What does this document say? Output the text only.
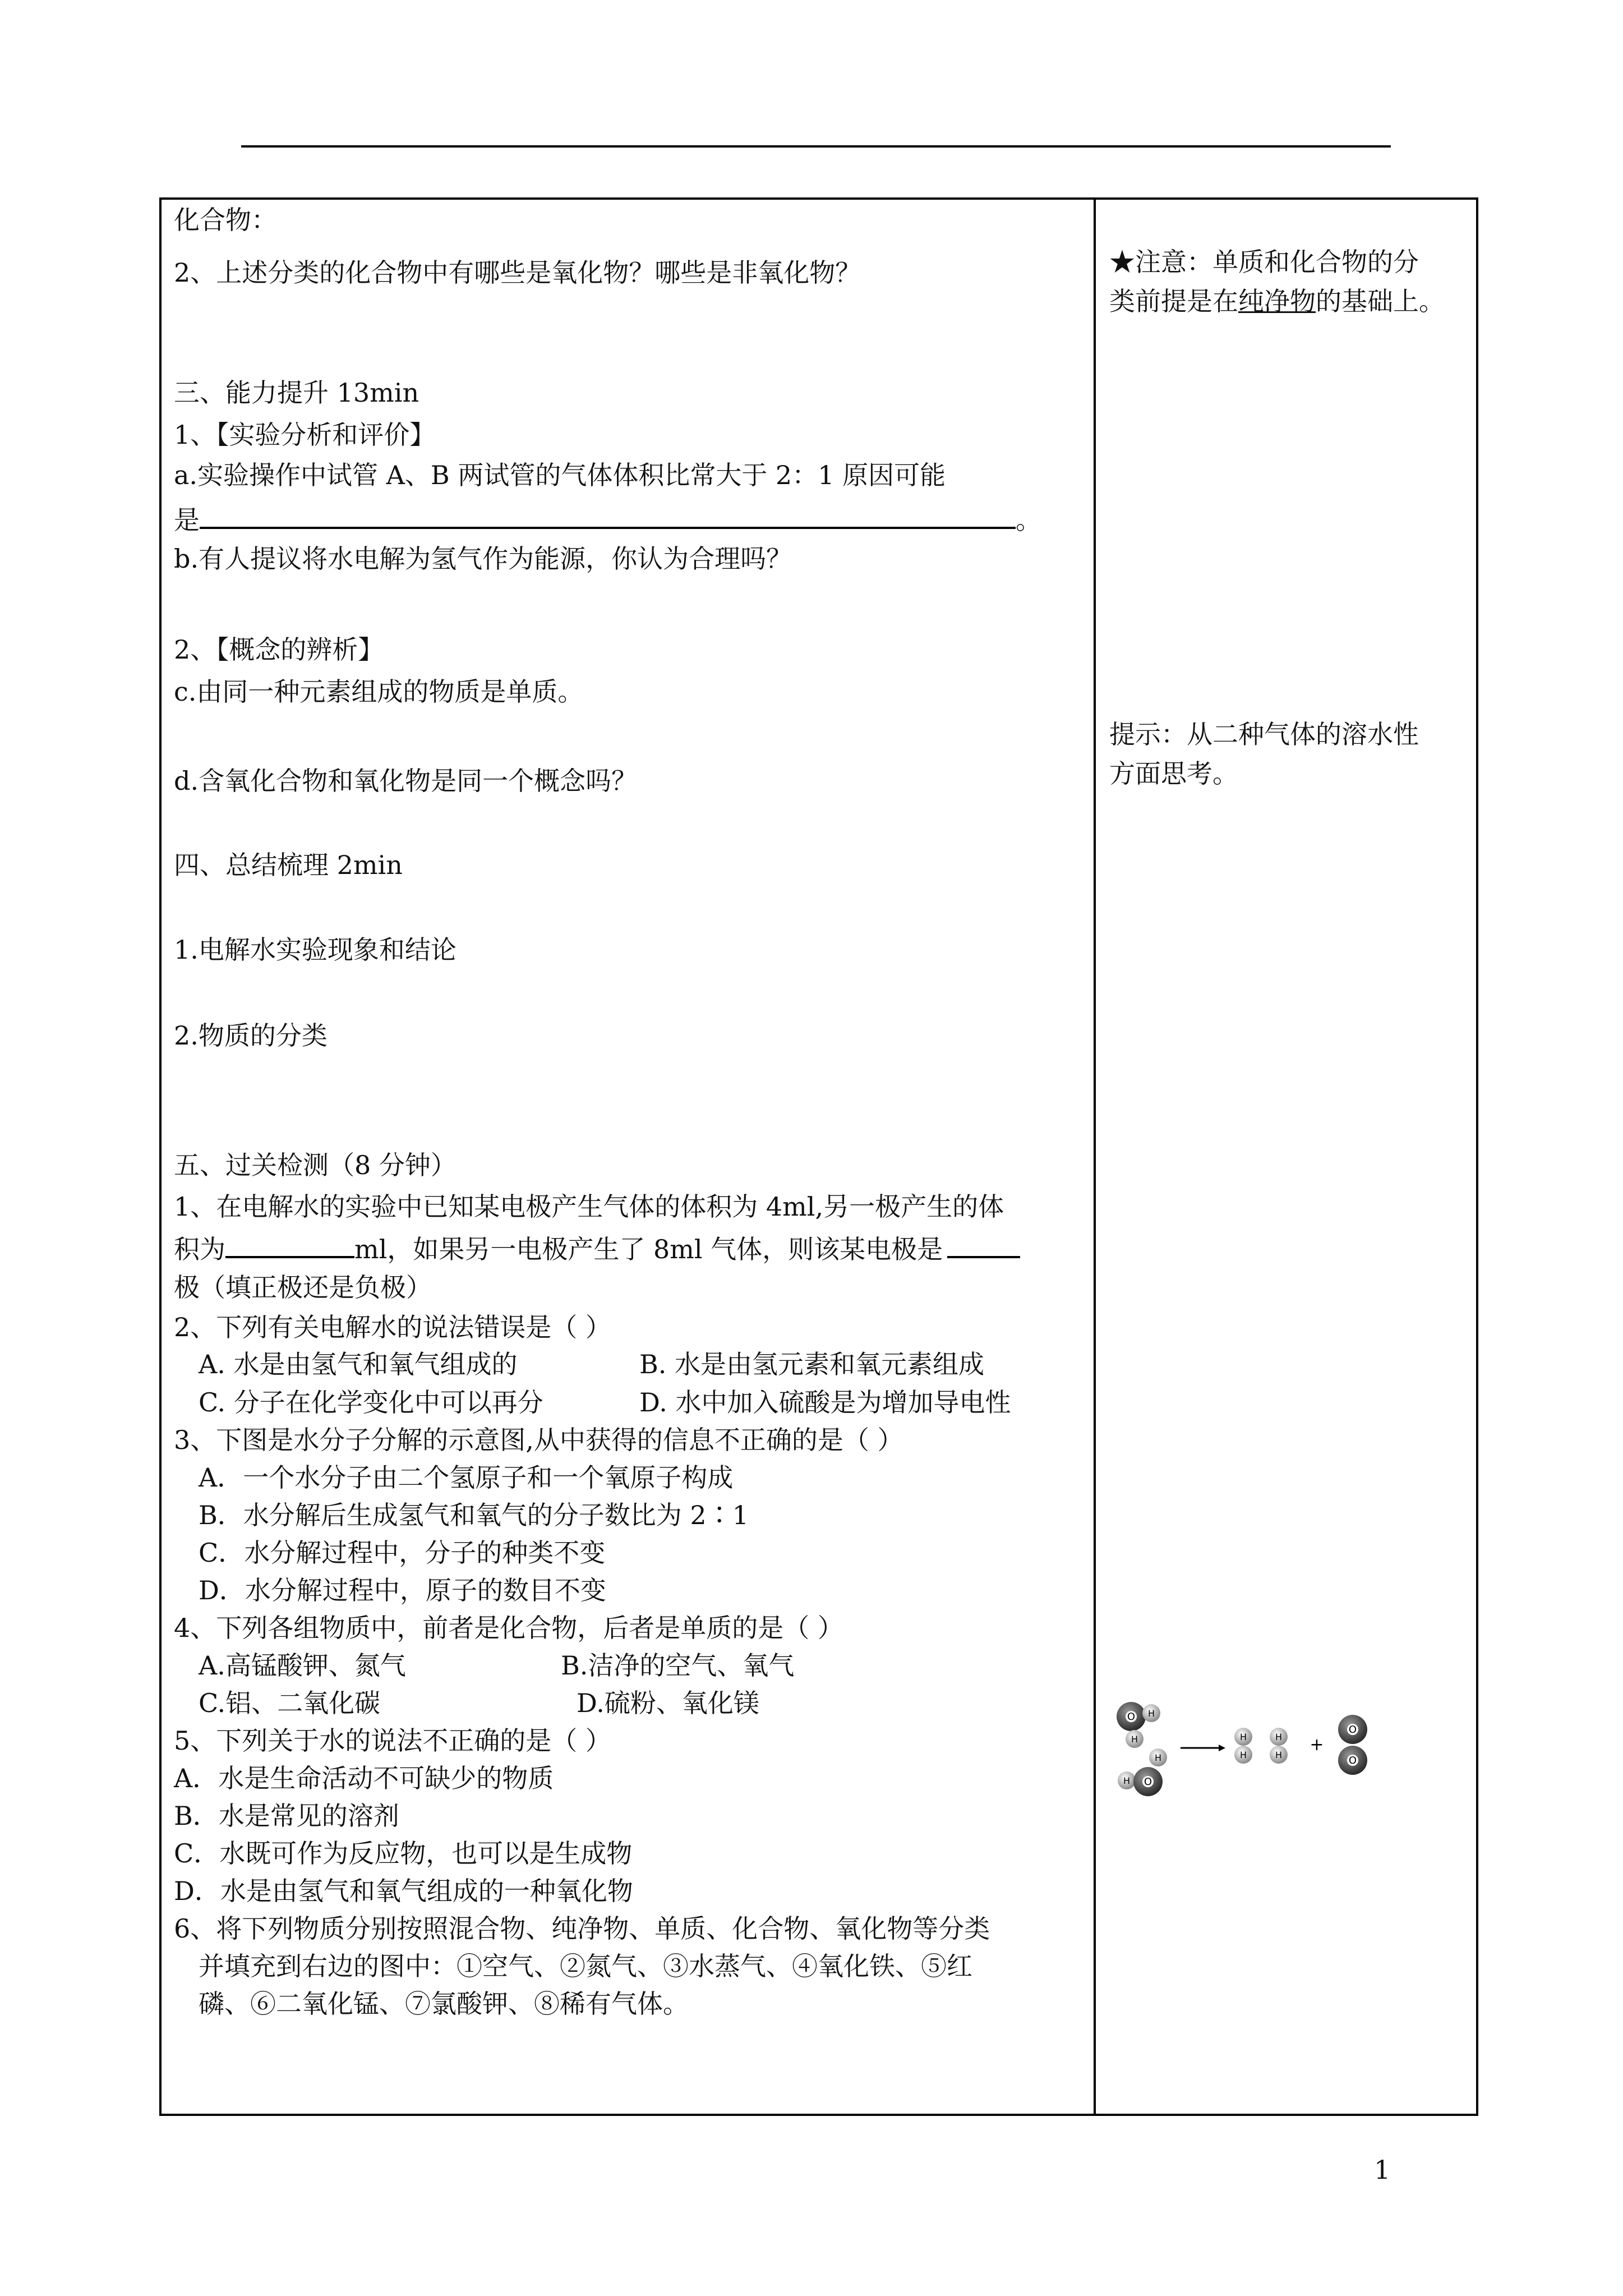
化合物：
2、上述分类的化合物中有哪些是氧化物？哪些是非氧化物？
三、能力提升 13min
1、【实验分析和评价】
a.实验操作中试管 A、B 两试管的气体体积比常大于 2：1 原因可能
是	。
b.有人提议将水电解为氢气作为能源，你认为合理吗？
2、【概念的辨析】
c.由同一种元素组成的物质是单质。
d.含氧化合物和氧化物是同一个概念吗？
四、总结梳理 2min
1.电解水实验现象和结论
2.物质的分类
五、过关检测（8 分钟）
1、在电解水的实验中已知某电极产生气体的体积为 4ml,另一极产生的体
积为	ml，如果另一电极产生了 8ml 气体，则该某电极是
极（填正极还是负极）
2、下列有关电解水的说法错误是（ ）
A. 水是由氢气和氧气组成的	B. 水是由氢元素和氧元素组成
C. 分子在化学变化中可以再分	D. 水中加入硫酸是为增加导电性
3、下图是水分子分解的示意图,从中获得的信息不正确的是（ ）
A．一个水分子由二个氢原子和一个氧原子构成
B．水分解后生成氢气和氧气的分子数比为 2∶1
C．水分解过程中，分子的种类不变
D．水分解过程中，原子的数目不变
4、下列各组物质中，前者是化合物，后者是单质的是（ ）
A.高锰酸钾、氮气	B.洁净的空气、氧气
C.铝、二氧化碳	D.硫粉、氧化镁
5、下列关于水的说法不正确的是（ ）
A．水是生命活动不可缺少的物质
B．水是常见的溶剂
C．水既可作为反应物，也可以是生成物
D．水是由氢气和氧气组成的一种氧化物
6、将下列物质分别按照混合物、纯净物、单质、化合物、氧化物等分类
并填充到右边的图中：①空气、②氮气、③水蒸气、④氧化铁、⑤红
磷、⑥二氧化锰、⑦氯酸钾、⑧稀有气体。
★注意：单质和化合物的分
类前提是在纯净物的基础上。
提示：从二种气体的溶水性
方面思考。
O H
H
H
H O
H
H
H
H
+
O
O
1
